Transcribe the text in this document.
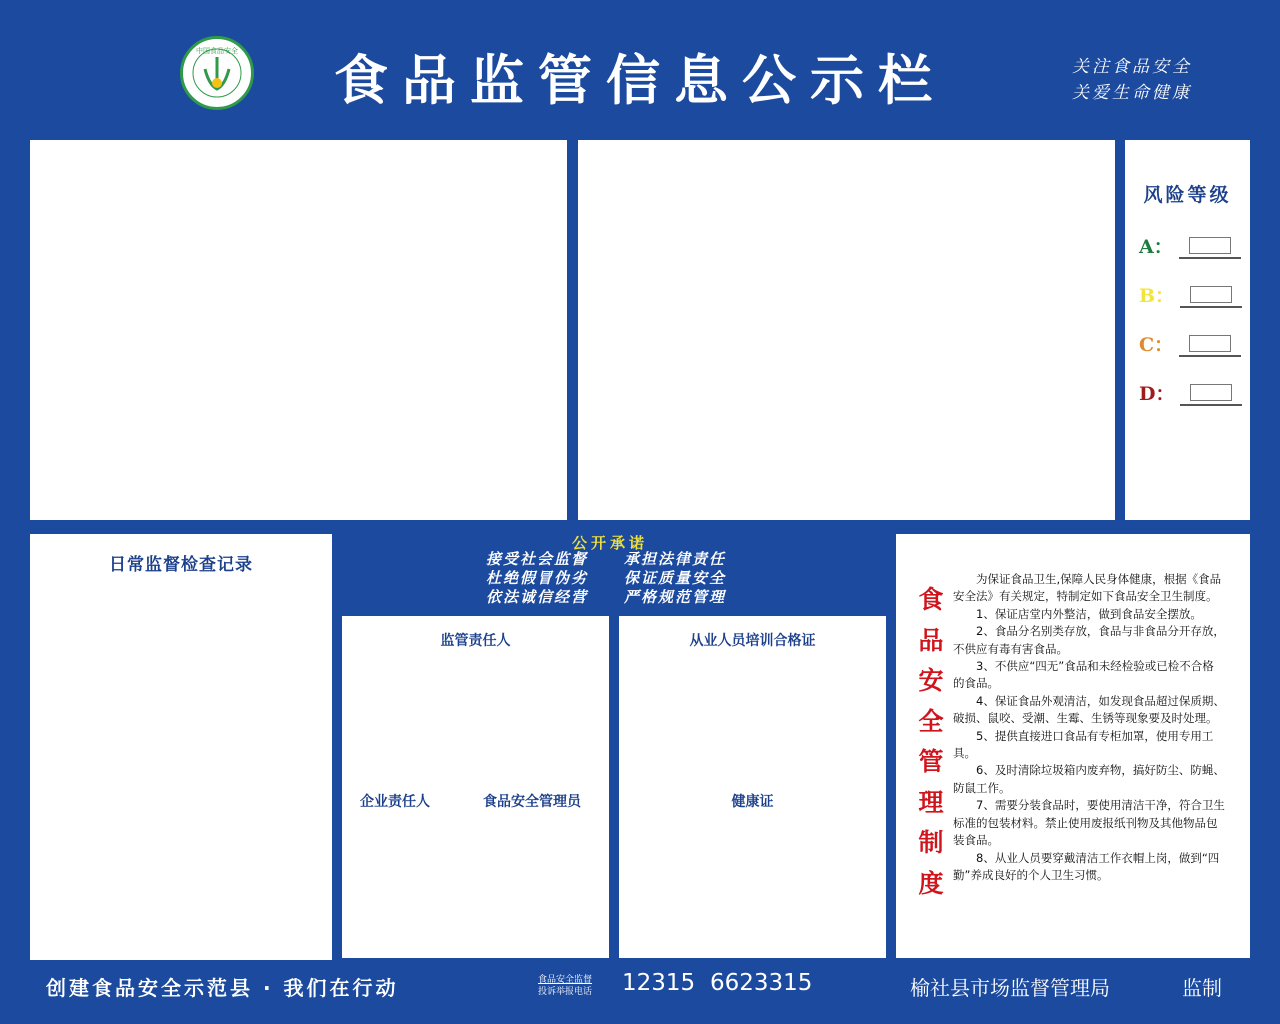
中国食品安全	食品监管信息公示栏	关注食品安全
关爱生命健康
风险等级
A：
B：
C：
D：
日常监督检查记录
公开承诺
接受社会监督
杜绝假冒伪劣
依法诚信经营
承担法律责任
保证质量安全
严格规范管理
监管责任人
企业责任人	食品安全管理员
从业人员培训合格证
健康证
食品安全管理制度

为保证食品卫生,保障人民身体健康，根据《食品安全法》有关规定，特制定如下食品安全卫生制度。

1、保证店堂内外整洁，做到食品安全摆放。

2、食品分名别类存放，食品与非食品分开存放，不供应有毒有害食品。

3、不供应“四无”食品和未经检验或已检不合格的食品。

4、保证食品外观清洁，如发现食品超过保质期、破损、鼠咬、受潮、生霉、生锈等现象要及时处理。

5、提供直接进口食品有专柜加罩，使用专用工具。

6、及时清除垃圾箱内废弃物，搞好防尘、防蝇、防鼠工作。

7、需要分装食品时，要使用清洁干净，符合卫生标准的包装材料。禁止使用废报纸刊物及其他物品包装食品。

8、从业人员要穿戴清洁工作衣帽上岗，做到“四勤”养成良好的个人卫生习惯。

创建食品安全示范县 · 我们在行动	食品安全监督
投诉举报电话 12315 6623315	榆社县市场监督管理局	监制
